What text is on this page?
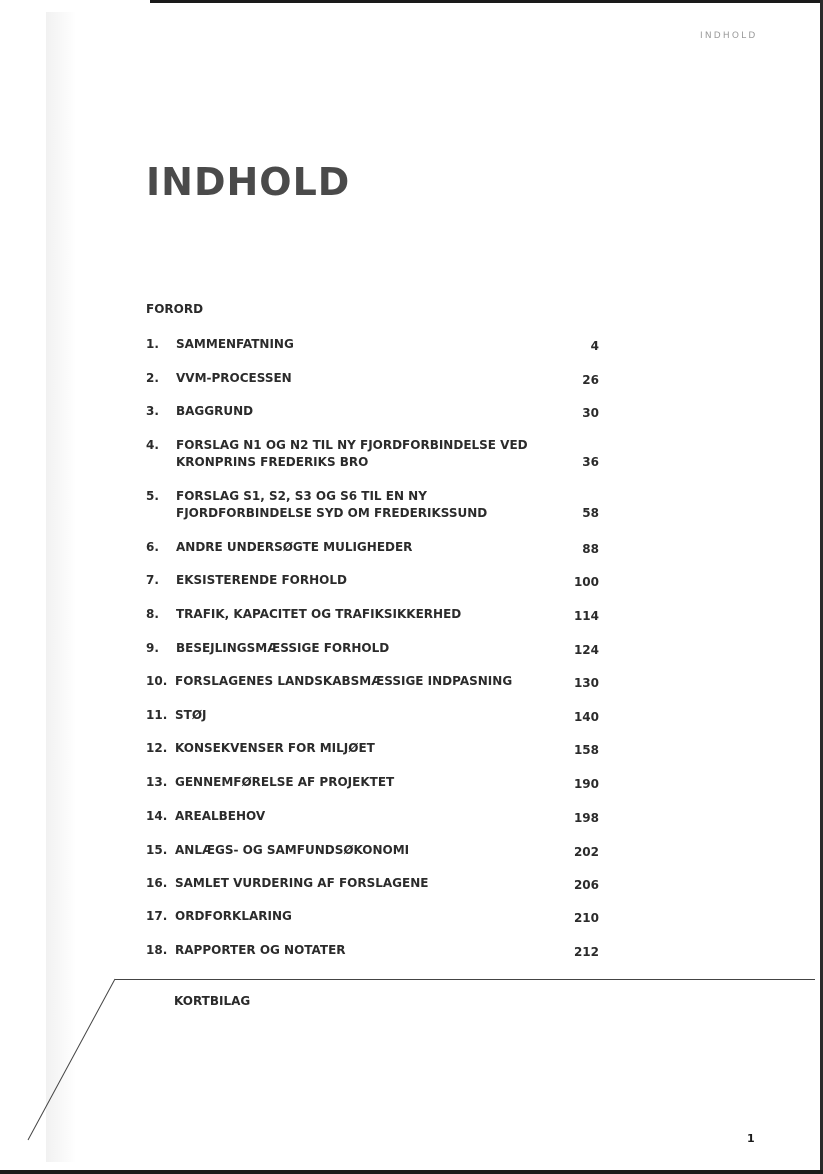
INDHOLD
INDHOLD
FORORD
1. SAMMENFATNING	4
2. VVM-PROCESSEN	26
3. BAGGRUND	30
4. FORSLAG N1 OG N2 TIL NY FJORDFORBINDELSE VED KRONPRINS FREDERIKS BRO	36
5. FORSLAG S1, S2, S3 OG S6 TIL EN NY FJORDFORBINDELSE SYD OM FREDERIKSSUND	58
6. ANDRE UNDERSØGTE MULIGHEDER	88
7. EKSISTERENDE FORHOLD	100
8. TRAFIK, KAPACITET OG TRAFIKSIKKERHED	114
9. BESEJLINGSMÆSSIGE FORHOLD	124
10. FORSLAGENES LANDSKABSMÆSSIGE INDPASNING	130
11. STØJ	140
12. KONSEKVENSER FOR MILJØET	158
13. GENNEMFØRELSE AF PROJEKTET	190
14. AREALBEHOV	198
15. ANLÆGS- OG SAMFUNDSØKONOMI	202
16. SAMLET VURDERING AF FORSLAGENE	206
17. ORDFORKLARING	210
18. RAPPORTER OG NOTATER	212
KORTBILAG
1
